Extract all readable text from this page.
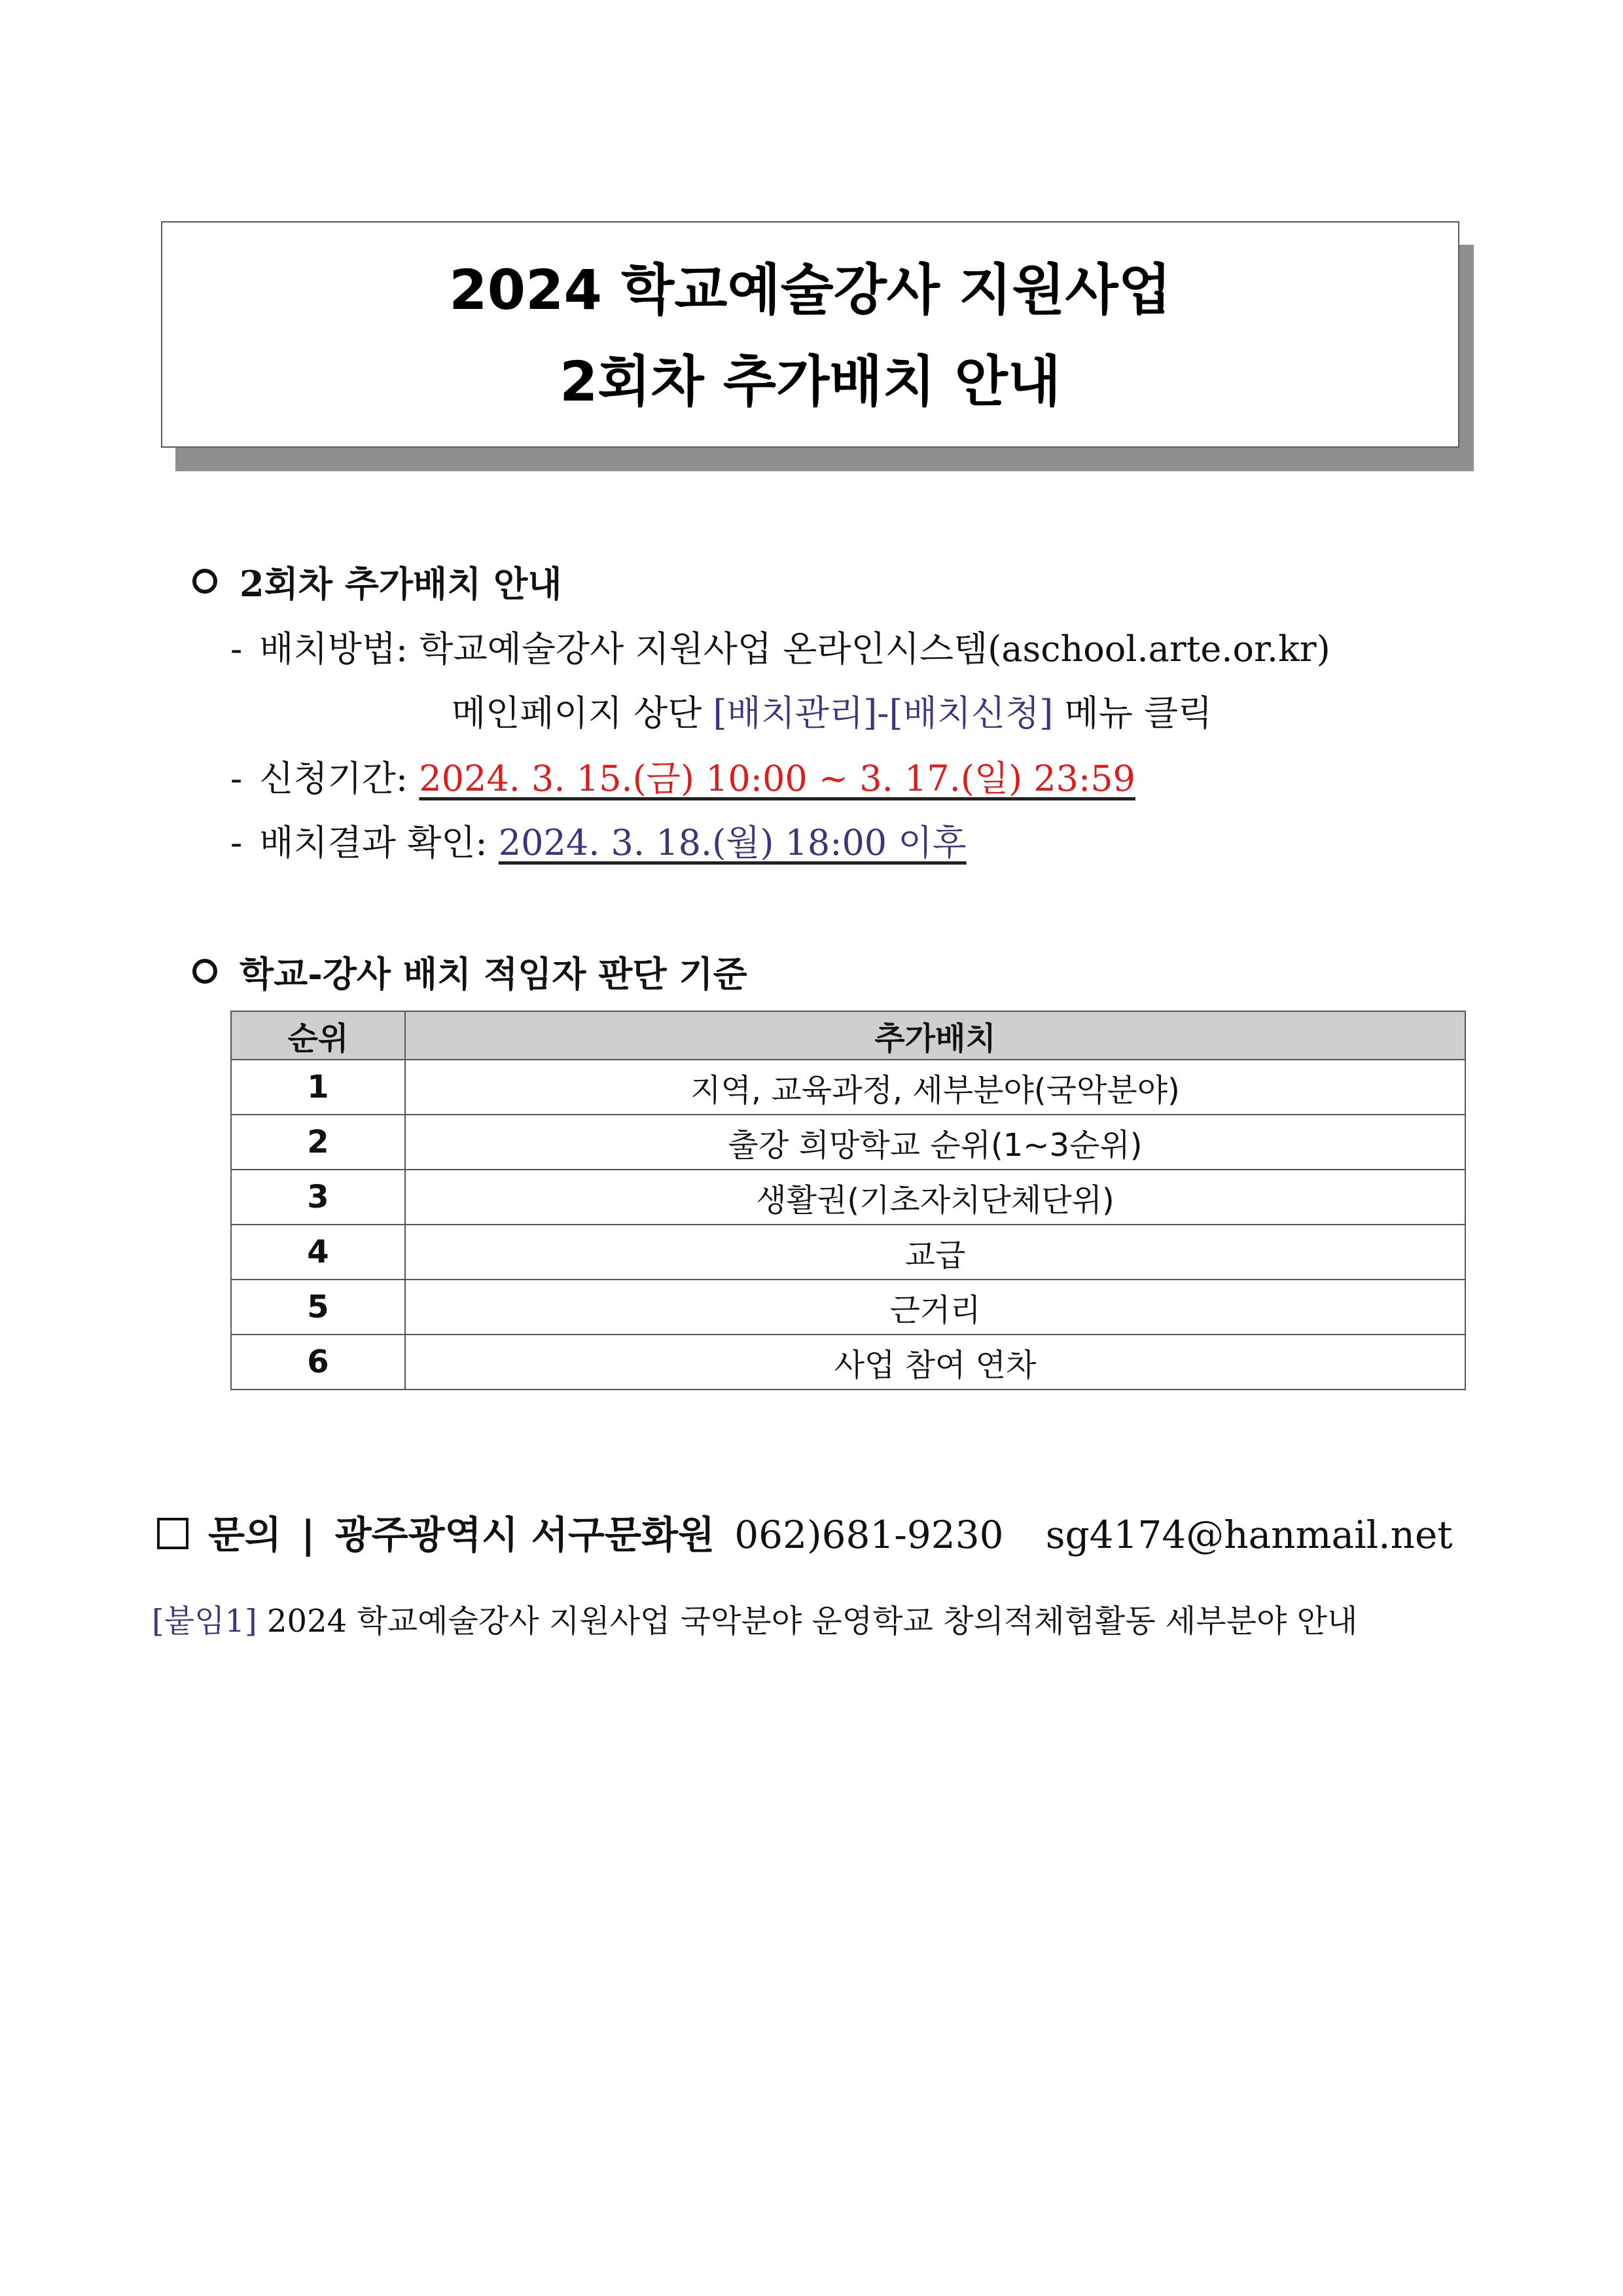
2024 학교예술강사 지원사업
2회차 추가배치 안내
2회차 추가배치 안내
- 배치방법: 학교예술강사 지원사업 온라인시스템(aschool.arte.or.kr)
메인페이지 상단 [배치관리]-[배치신청] 메뉴 클릭
- 신청기간: 2024. 3. 15.(금) 10:00 ~ 3. 17.(일) 23:59
- 배치결과 확인: 2024. 3. 18.(월) 18:00 이후
학교-강사 배치 적임자 판단 기준
순위	추가배치
1	지역, 교육과정, 세부분야(국악분야)
2	출강 희망학교 순위(1~3순위)
3	생활권(기초자치단체단위)
4	교급
5	근거리
6	사업 참여 연차
문의 | 광주광역시 서구문화원 062)681-9230 sg4174@hanmail.net
[붙임1] 2024 학교예술강사 지원사업 국악분야 운영학교 창의적체험활동 세부분야 안내
